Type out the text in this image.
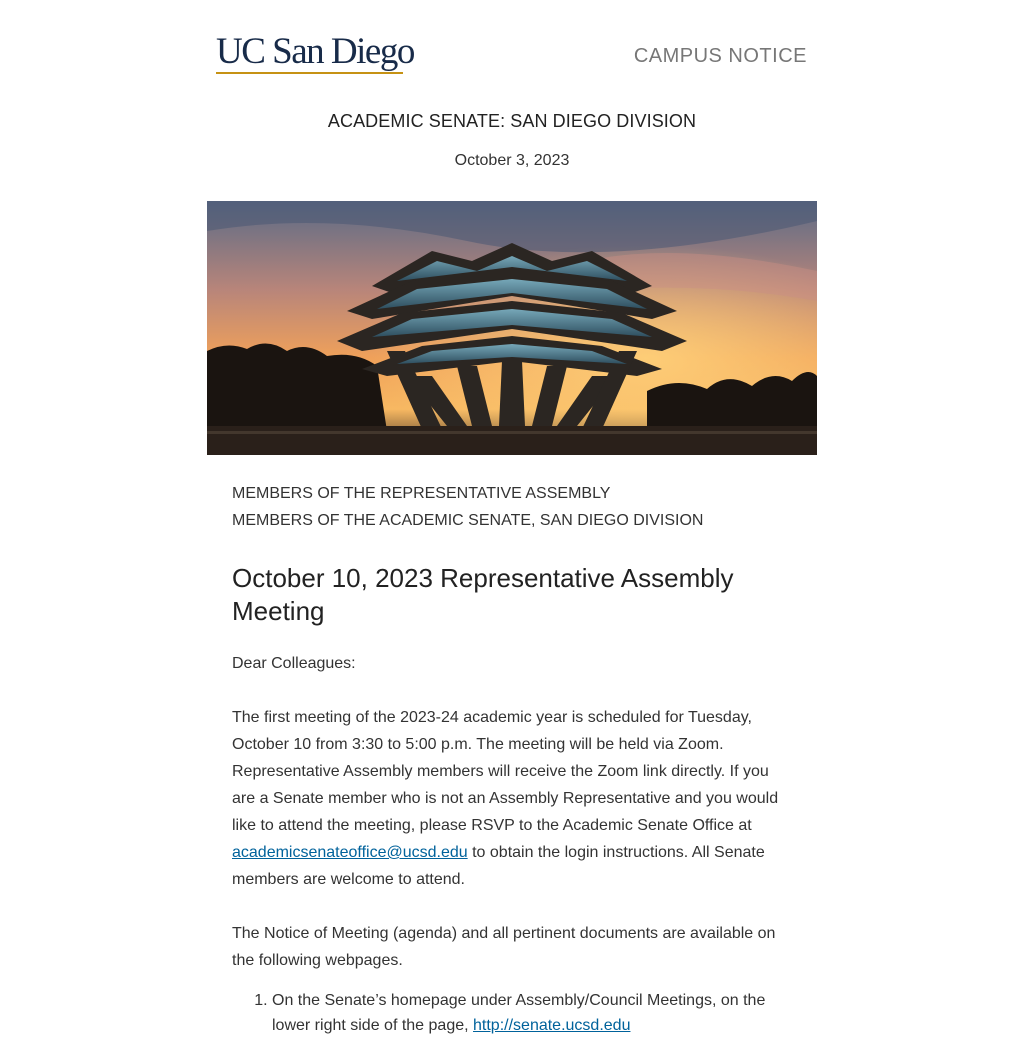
UC San Diego	CAMPUS NOTICE
ACADEMIC SENATE: SAN DIEGO DIVISION
October 3, 2023
MEMBERS OF THE REPRESENTATIVE ASSEMBLY
MEMBERS OF THE ACADEMIC SENATE, SAN DIEGO DIVISION
October 10, 2023 Representative Assembly Meeting

Dear Colleagues:

The first meeting of the 2023-24 academic year is scheduled for Tuesday, October 10 from 3:30 to 5:00 p.m. The meeting will be held via Zoom. Representative Assembly members will receive the Zoom link directly. If you are a Senate member who is not an Assembly Representative and you would like to attend the meeting, please RSVP to the Academic Senate Office at academicsenateoffice@ucsd.edu to obtain the login instructions. All Senate members are welcome to attend.

The Notice of Meeting (agenda) and all pertinent documents are available on the following webpages.

1. On the Senate’s homepage under Assembly/Council Meetings, on the lower right side of the page, http://senate.ucsd.edu
